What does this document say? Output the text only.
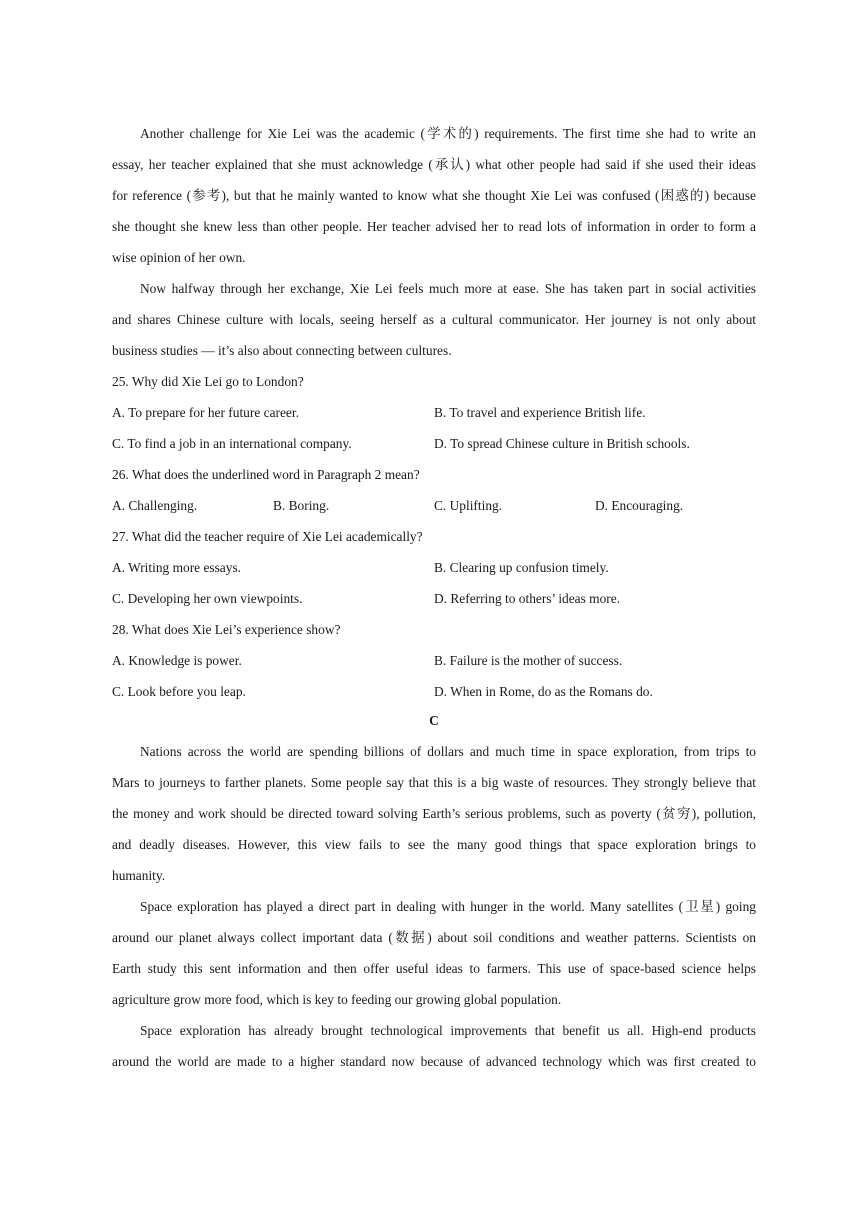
Another challenge for Xie Lei was the academic (学术的) requirements. The first time she had to write an
essay, her teacher explained that she must acknowledge (承认) what other people had said if she used their ideas
for reference (参考), but that he mainly wanted to know what she thought Xie Lei was confused (困惑的) because
she thought she knew less than other people. Her teacher advised her to read lots of information in order to form a
wise opinion of her own.
Now halfway through her exchange, Xie Lei feels much more at ease. She has taken part in social activities
and shares Chinese culture with locals, seeing herself as a cultural communicator. Her journey is not only about
business studies — it’s also about connecting between cultures.
25. Why did Xie Lei go to London?
A. To prepare for her future career.	B. To travel and experience British life.
C. To find a job in an international company.	D. To spread Chinese culture in British schools.
26. What does the underlined word in Paragraph 2 mean?
A. Challenging.	B. Boring.	C. Uplifting.	D. Encouraging.
27. What did the teacher require of Xie Lei academically?
A. Writing more essays.	B. Clearing up confusion timely.
C. Developing her own viewpoints.	D. Referring to others’ ideas more.
28. What does Xie Lei’s experience show?
A. Knowledge is power.	B. Failure is the mother of success.
C. Look before you leap.	D. When in Rome, do as the Romans do.
C
Nations across the world are spending billions of dollars and much time in space exploration, from trips to
Mars to journeys to farther planets. Some people say that this is a big waste of resources. They strongly believe that
the money and work should be directed toward solving Earth’s serious problems, such as poverty (贫穷), pollution,
and deadly diseases. However, this view fails to see the many good things that space exploration brings to
humanity.
Space exploration has played a direct part in dealing with hunger in the world. Many satellites (卫星) going
around our planet always collect important data (数据) about soil conditions and weather patterns. Scientists on
Earth study this sent information and then offer useful ideas to farmers. This use of space-based science helps
agriculture grow more food, which is key to feeding our growing global population.
Space exploration has already brought technological improvements that benefit us all. High-end products
around the world are made to a higher standard now because of advanced technology which was first created to
